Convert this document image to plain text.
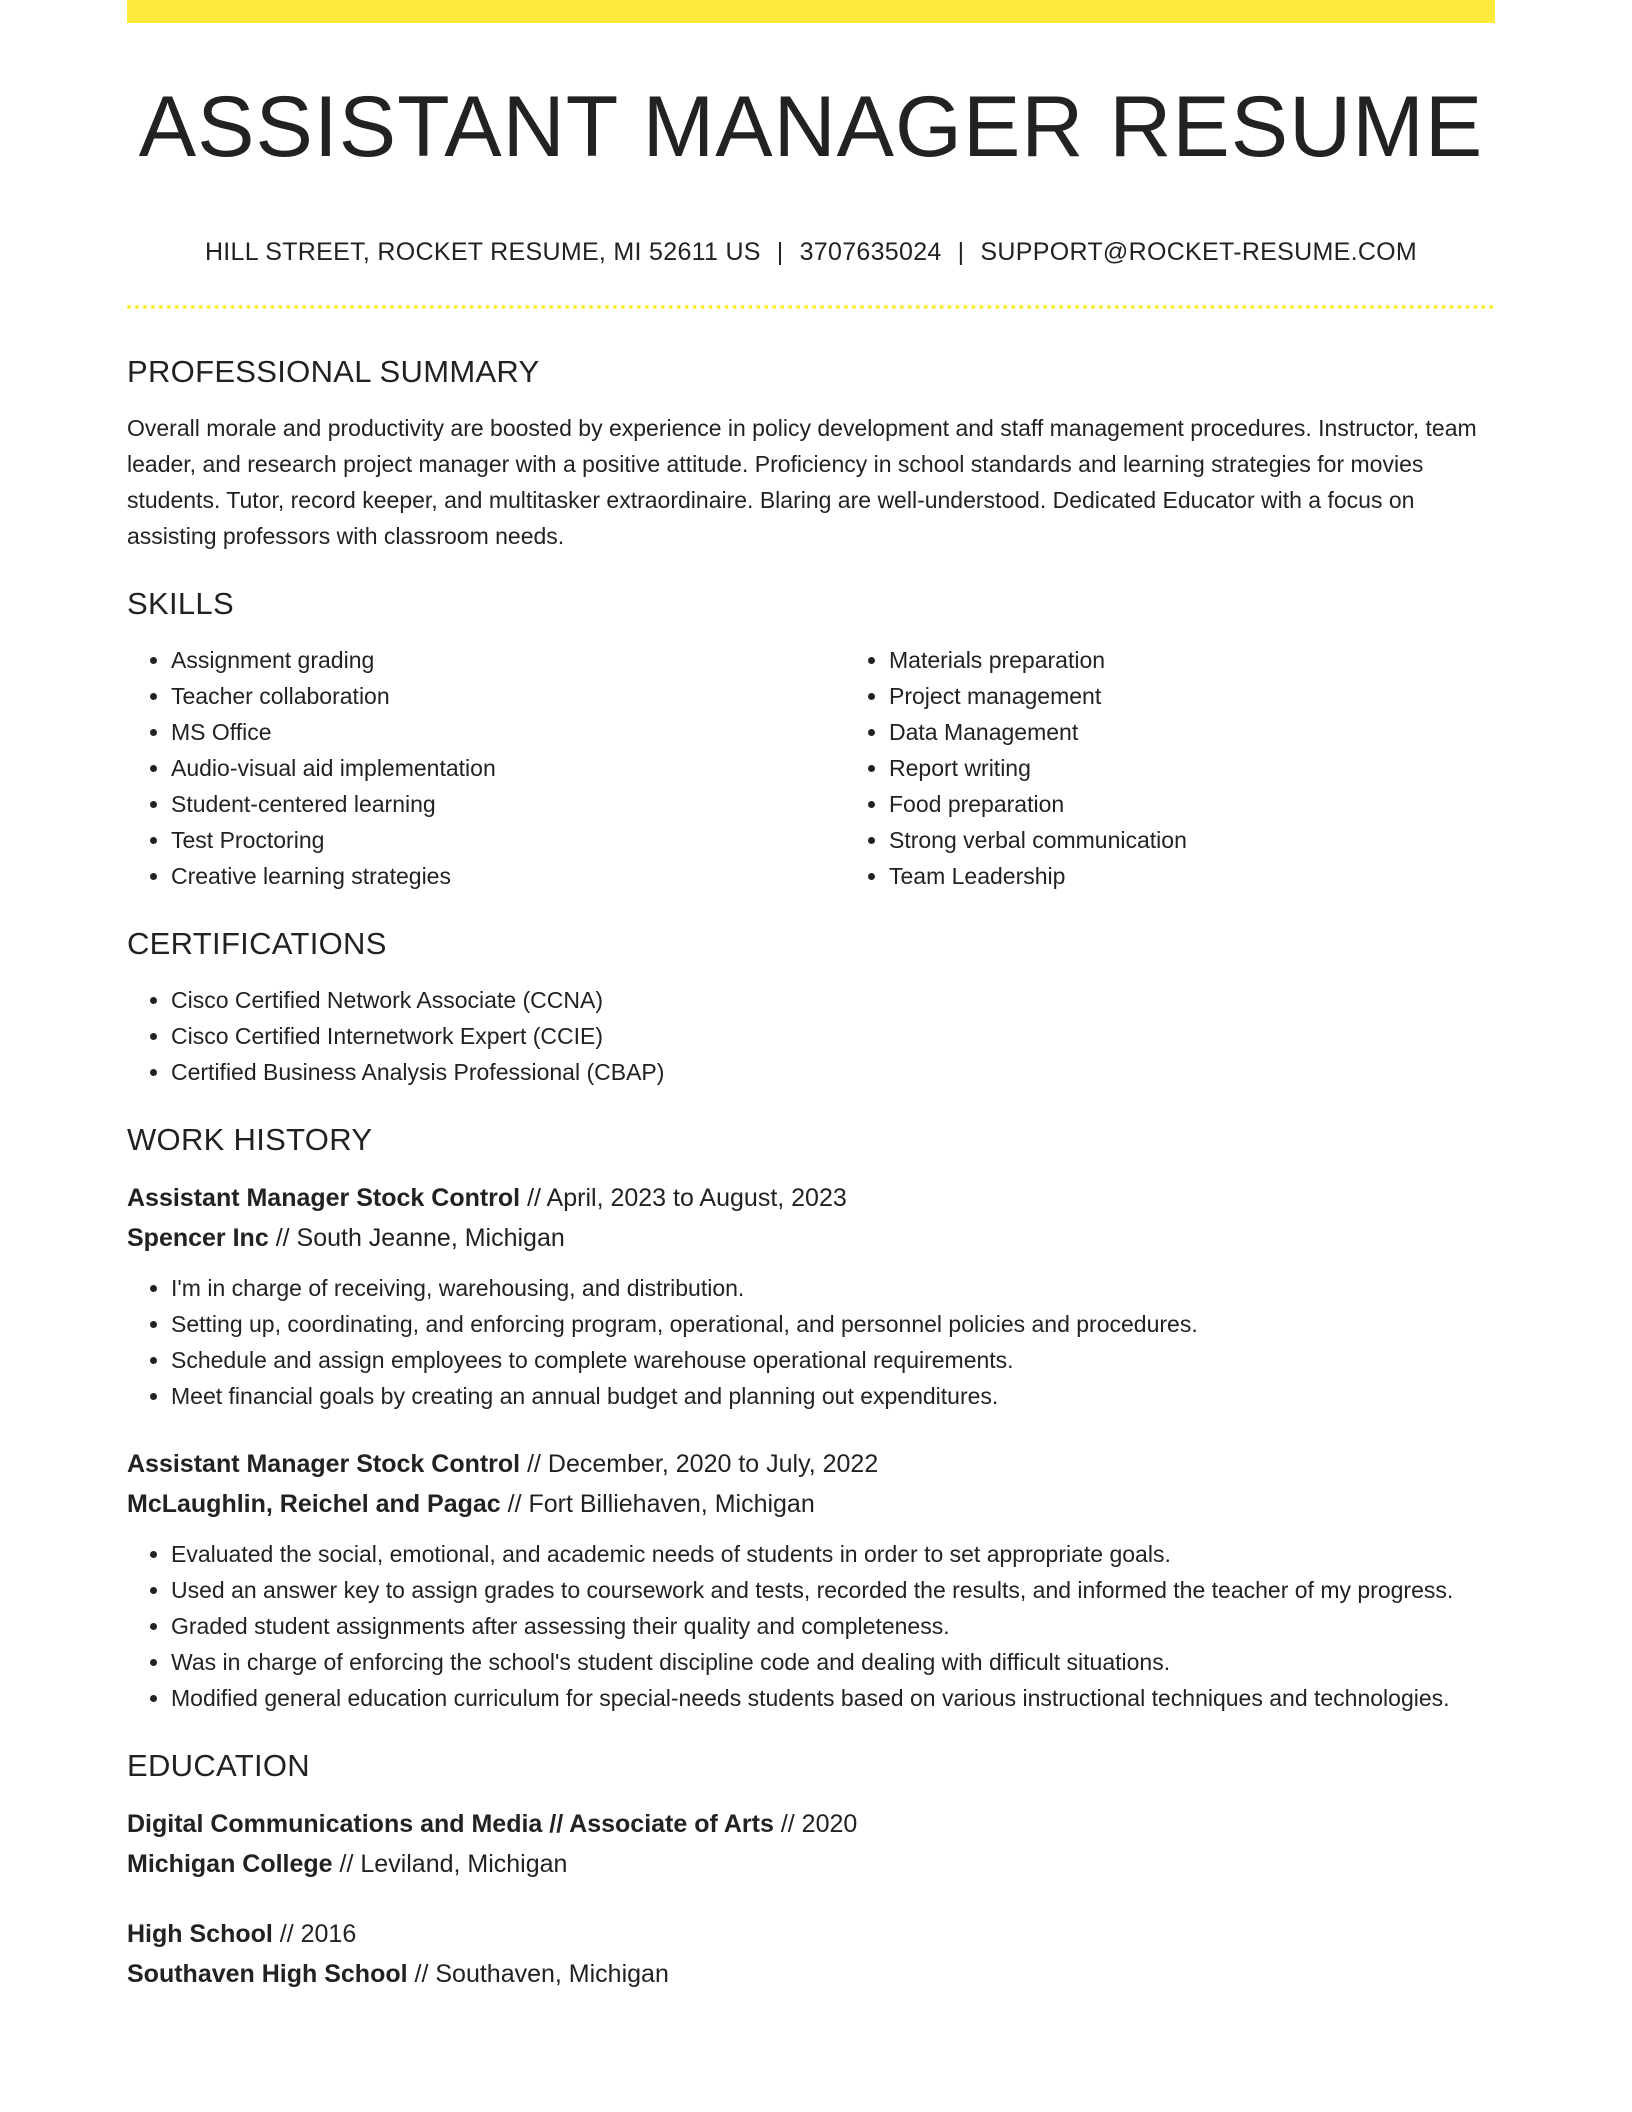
ASSISTANT MANAGER RESUME
HILL STREET, ROCKET RESUME, MI 52611 US | 3707635024 | SUPPORT@ROCKET-RESUME.COM
PROFESSIONAL SUMMARY

Overall morale and productivity are boosted by experience in policy development and staff management procedures. Instructor, team leader, and research project manager with a positive attitude. Proficiency in school standards and learning strategies for movies students. Tutor, record keeper, and multitasker extraordinaire. Blaring are well-understood. Dedicated Educator with a focus on assisting professors with classroom needs.

SKILLS
• Assignment grading
• Teacher collaboration
• MS Office
• Audio-visual aid implementation
• Student-centered learning
• Test Proctoring
• Creative learning strategies
• Materials preparation
• Project management
• Data Management
• Report writing
• Food preparation
• Strong verbal communication
• Team Leadership
CERTIFICATIONS
• Cisco Certified Network Associate (CCNA)
• Cisco Certified Internetwork Expert (CCIE)
• Certified Business Analysis Professional (CBAP)
WORK HISTORY
Assistant Manager Stock Control // April, 2023 to August, 2023
Spencer Inc // South Jeanne, Michigan
• I'm in charge of receiving, warehousing, and distribution.
• Setting up, coordinating, and enforcing program, operational, and personnel policies and procedures.
• Schedule and assign employees to complete warehouse operational requirements.
• Meet financial goals by creating an annual budget and planning out expenditures.
Assistant Manager Stock Control // December, 2020 to July, 2022
McLaughlin, Reichel and Pagac // Fort Billiehaven, Michigan
• Evaluated the social, emotional, and academic needs of students in order to set appropriate goals.
• Used an answer key to assign grades to coursework and tests, recorded the results, and informed the teacher of my progress.
• Graded student assignments after assessing their quality and completeness.
• Was in charge of enforcing the school's student discipline code and dealing with difficult situations.
• Modified general education curriculum for special-needs students based on various instructional techniques and technologies.
EDUCATION
Digital Communications and Media // Associate of Arts // 2020
Michigan College // Leviland, Michigan
High School // 2016
Southaven High School // Southaven, Michigan
